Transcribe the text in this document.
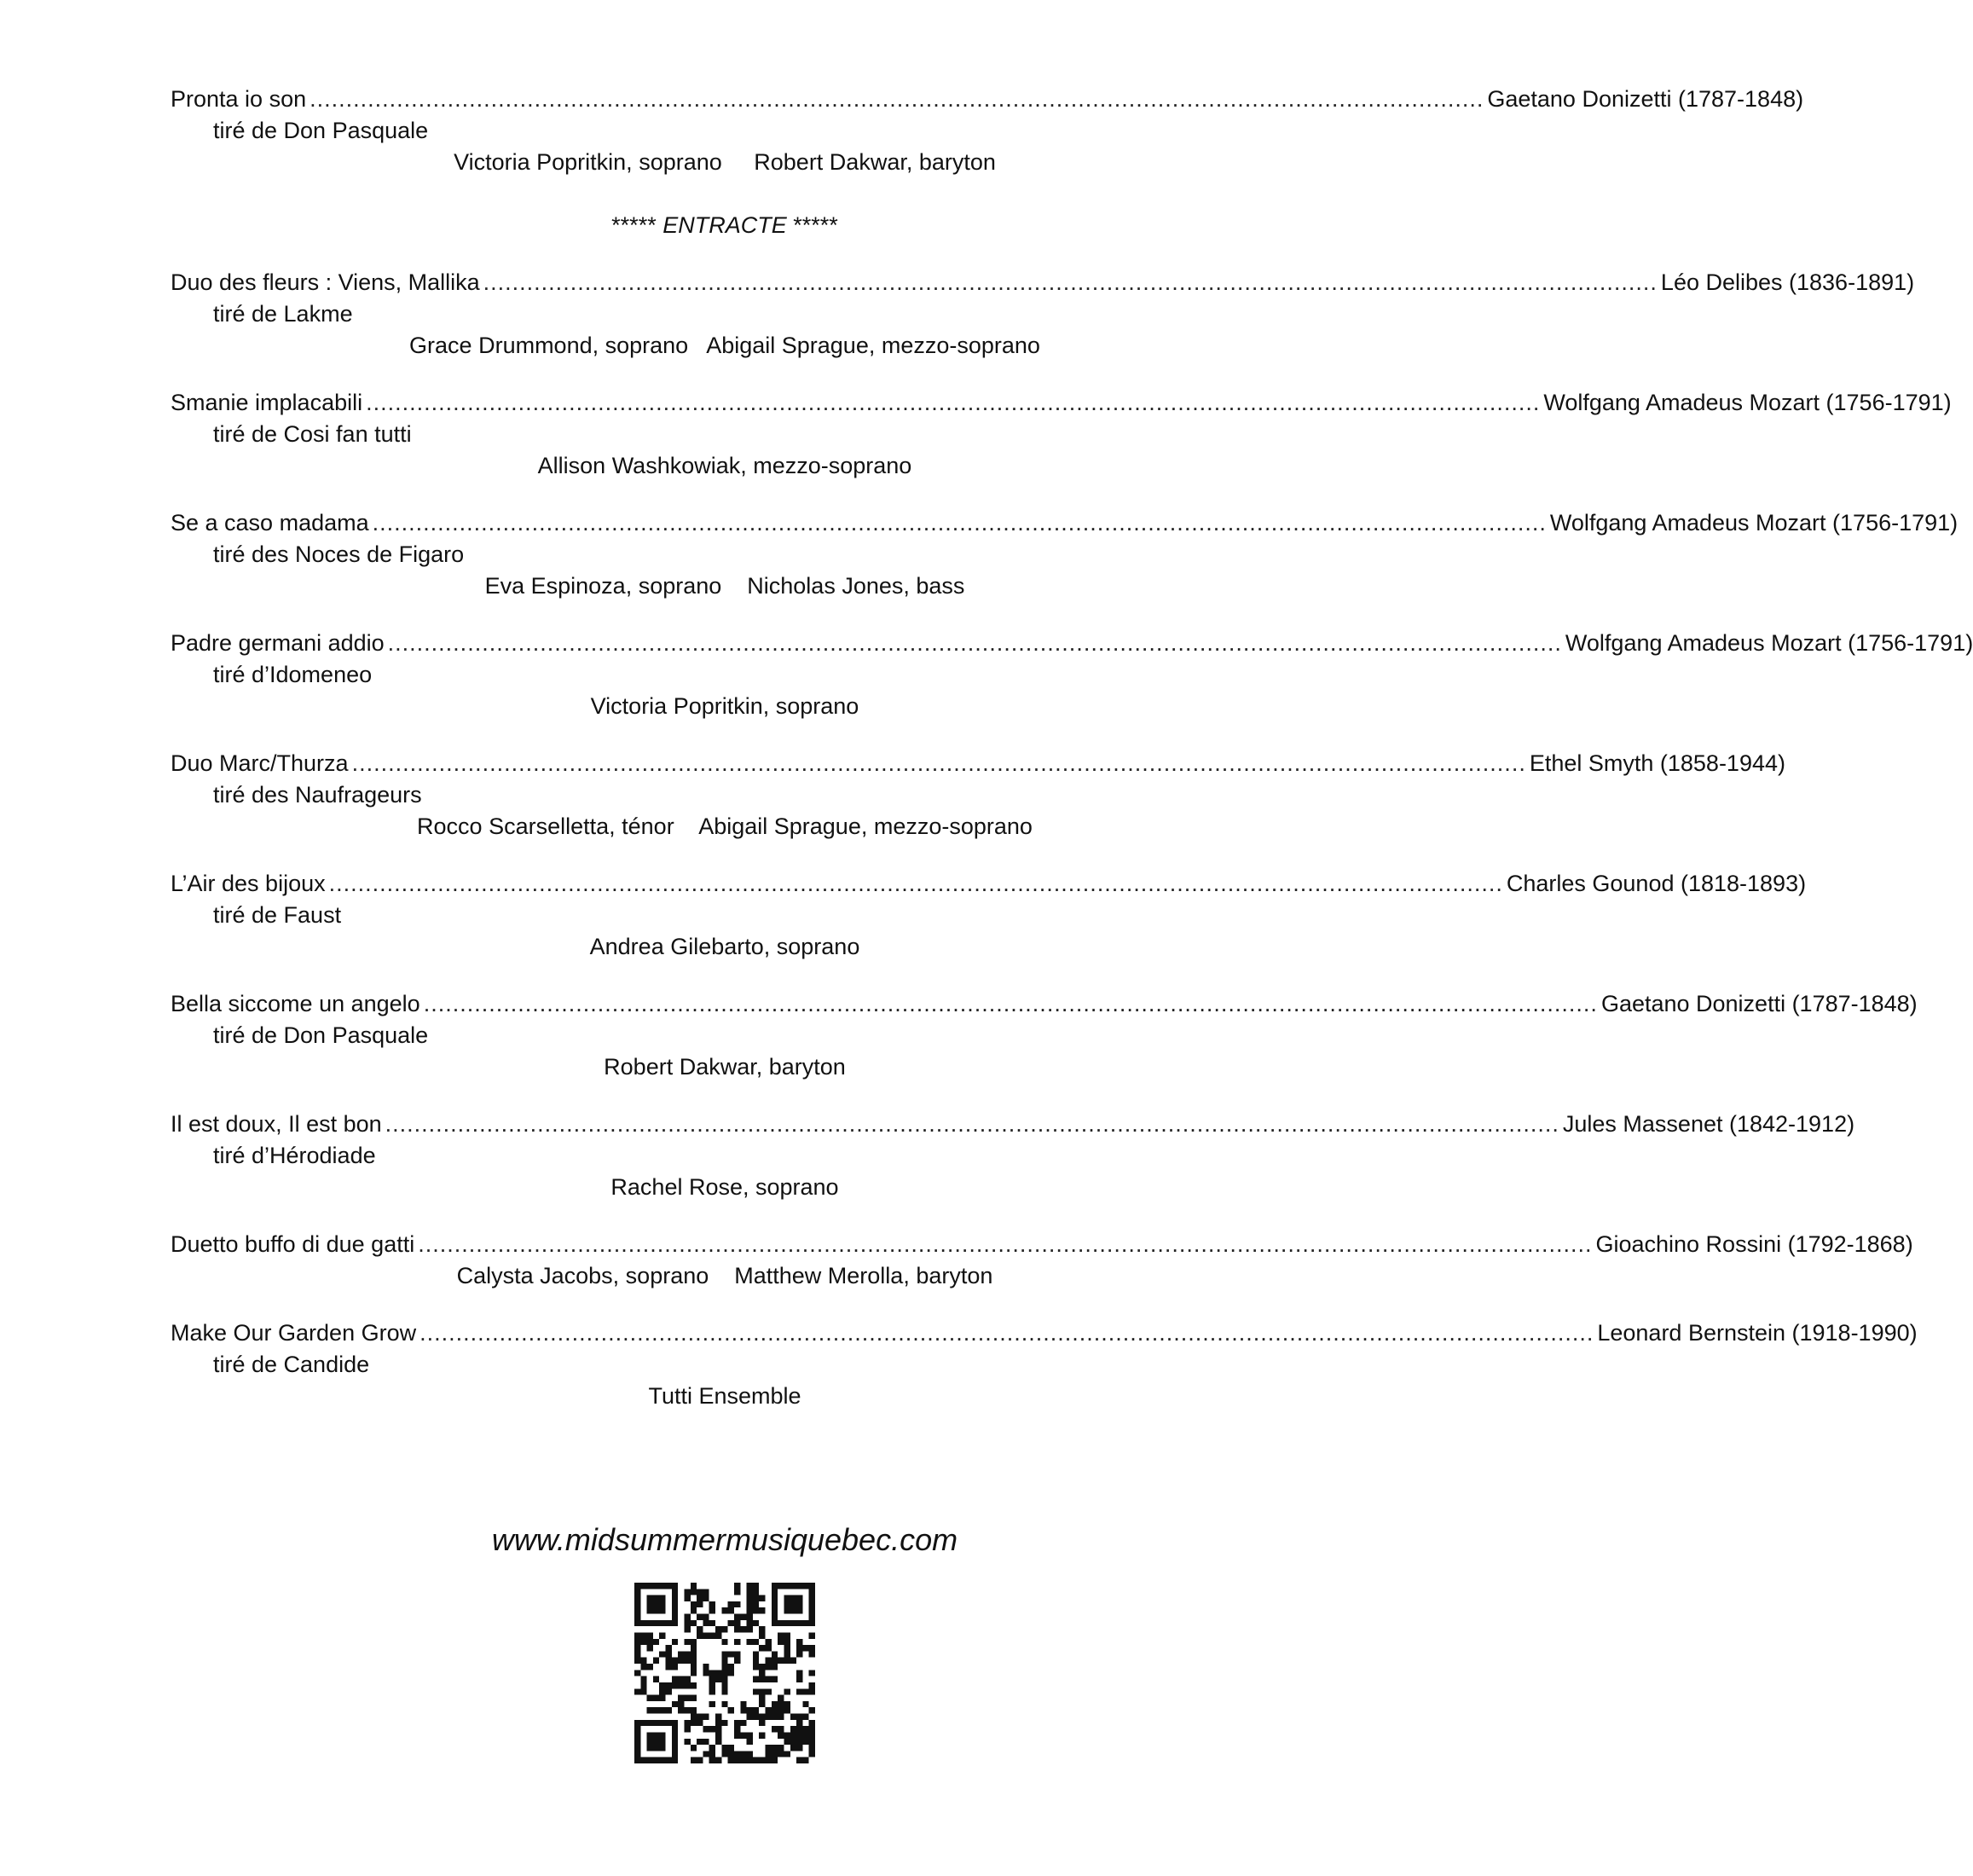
Pronta io son .................................................................................................................................................................. Gaetano Donizetti (1787-1848)
tiré de Don Pasquale
Victoria Popritkin, soprano     Robert Dakwar, baryton
***** ENTRACTE *****
Duo des fleurs : Viens, Mallika .................................................................................................................................................................. Léo Delibes (1836-1891)
tiré de Lakme
Grace Drummond, soprano   Abigail Sprague, mezzo-soprano
Smanie implacabili .................................................................................................................................................................. Wolfgang Amadeus Mozart (1756-1791)
tiré de Cosi fan tutti
Allison Washkowiak, mezzo-soprano
Se a caso madama .................................................................................................................................................................. Wolfgang Amadeus Mozart (1756-1791)
tiré des Noces de Figaro
Eva Espinoza, soprano    Nicholas Jones, bass
Padre germani addio .................................................................................................................................................................. Wolfgang Amadeus Mozart (1756-1791)
tiré d’Idomeneo
Victoria Popritkin, soprano
Duo Marc/Thurza .................................................................................................................................................................. Ethel Smyth (1858-1944)
tiré des Naufrageurs
Rocco Scarselletta, ténor    Abigail Sprague, mezzo-soprano
L’Air des bijoux .................................................................................................................................................................. Charles Gounod (1818-1893)
tiré de Faust
Andrea Gilebarto, soprano
Bella siccome un angelo .................................................................................................................................................................. Gaetano Donizetti (1787-1848)
tiré de Don Pasquale
Robert Dakwar, baryton
Il est doux, Il est bon .................................................................................................................................................................. Jules Massenet (1842-1912)
tiré d’Hérodiade
Rachel Rose, soprano
Duetto buffo di due gatti .................................................................................................................................................................. Gioachino Rossini (1792-1868)
Calysta Jacobs, soprano    Matthew Merolla, baryton
Make Our Garden Grow .................................................................................................................................................................. Leonard Bernstein (1918-1990)
tiré de Candide
Tutti Ensemble
www.midsummermusiquebec.com
